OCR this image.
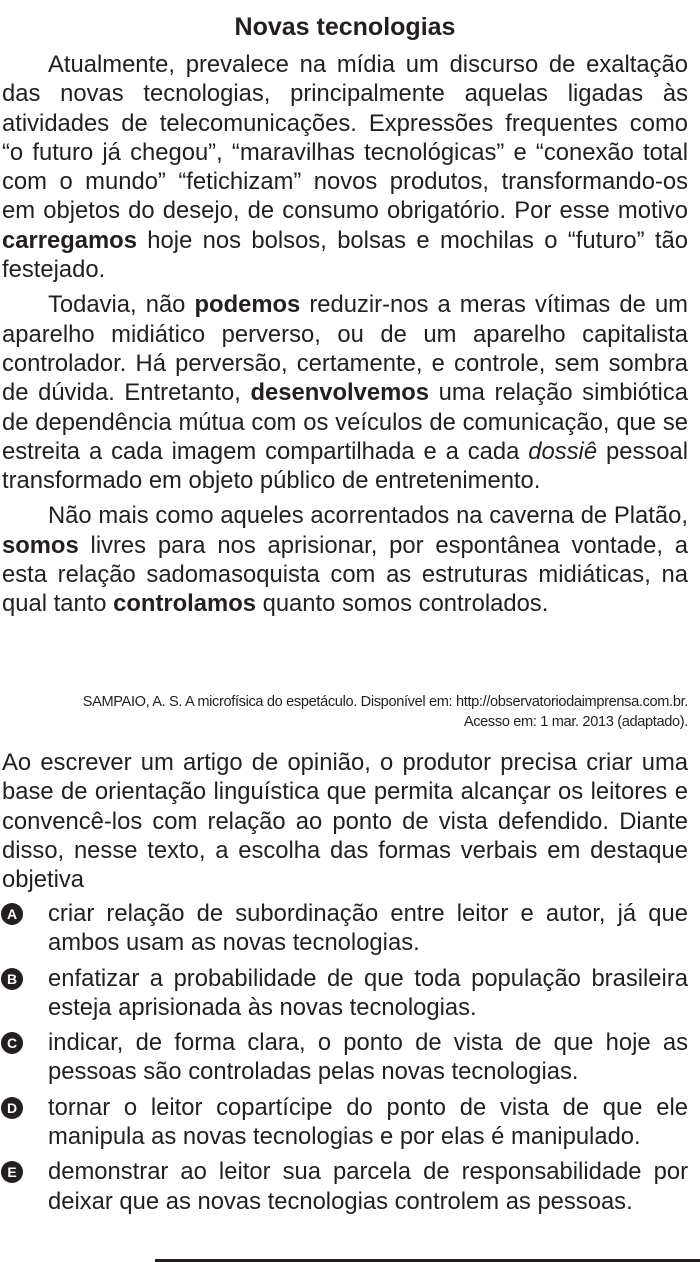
Novas tecnologias

Atualmente, prevalece na mídia um discurso de exaltação das novas tecnologias, principalmente aquelas ligadas às atividades de telecomunicações. Expressões frequentes como “o futuro já chegou”, “maravilhas tecnológicas” e “conexão total com o mundo” “fetichizam” novos produtos, transformando-os em objetos do desejo, de consumo obrigatório. Por esse motivo carregamos hoje nos bolsos, bolsas e mochilas o “futuro” tão festejado.

Todavia, não podemos reduzir-nos a meras vítimas de um aparelho midiático perverso, ou de um aparelho capitalista controlador. Há perversão, certamente, e controle, sem sombra de dúvida. Entretanto, desenvolvemos uma relação simbiótica de dependência mútua com os veículos de comunicação, que se estreita a cada imagem compartilhada e a cada dossiê pessoal transformado em objeto público de entretenimento.

Não mais como aqueles acorrentados na caverna de Platão, somos livres para nos aprisionar, por espontânea vontade, a esta relação sadomasoquista com as estruturas midiáticas, na qual tanto controlamos quanto somos controlados.

SAMPAIO, A. S. A microfísica do espetáculo. Disponível em: http://observatoriodaimprensa.com.br.
Acesso em: 1 mar. 2013 (adaptado).

Ao escrever um artigo de opinião, o produtor precisa criar uma base de orientação linguística que permita alcançar os leitores e convencê-los com relação ao ponto de vista defendido. Diante disso, nesse texto, a escolha das formas verbais em destaque objetiva

A criar relação de subordinação entre leitor e autor, já que ambos usam as novas tecnologias.
B enfatizar a probabilidade de que toda população brasileira esteja aprisionada às novas tecnologias.
C indicar, de forma clara, o ponto de vista de que hoje as pessoas são controladas pelas novas tecnologias.
D tornar o leitor copartícipe do ponto de vista de que ele manipula as novas tecnologias e por elas é manipulado.
E demonstrar ao leitor sua parcela de responsabilidade por deixar que as novas tecnologias controlem as pessoas.
